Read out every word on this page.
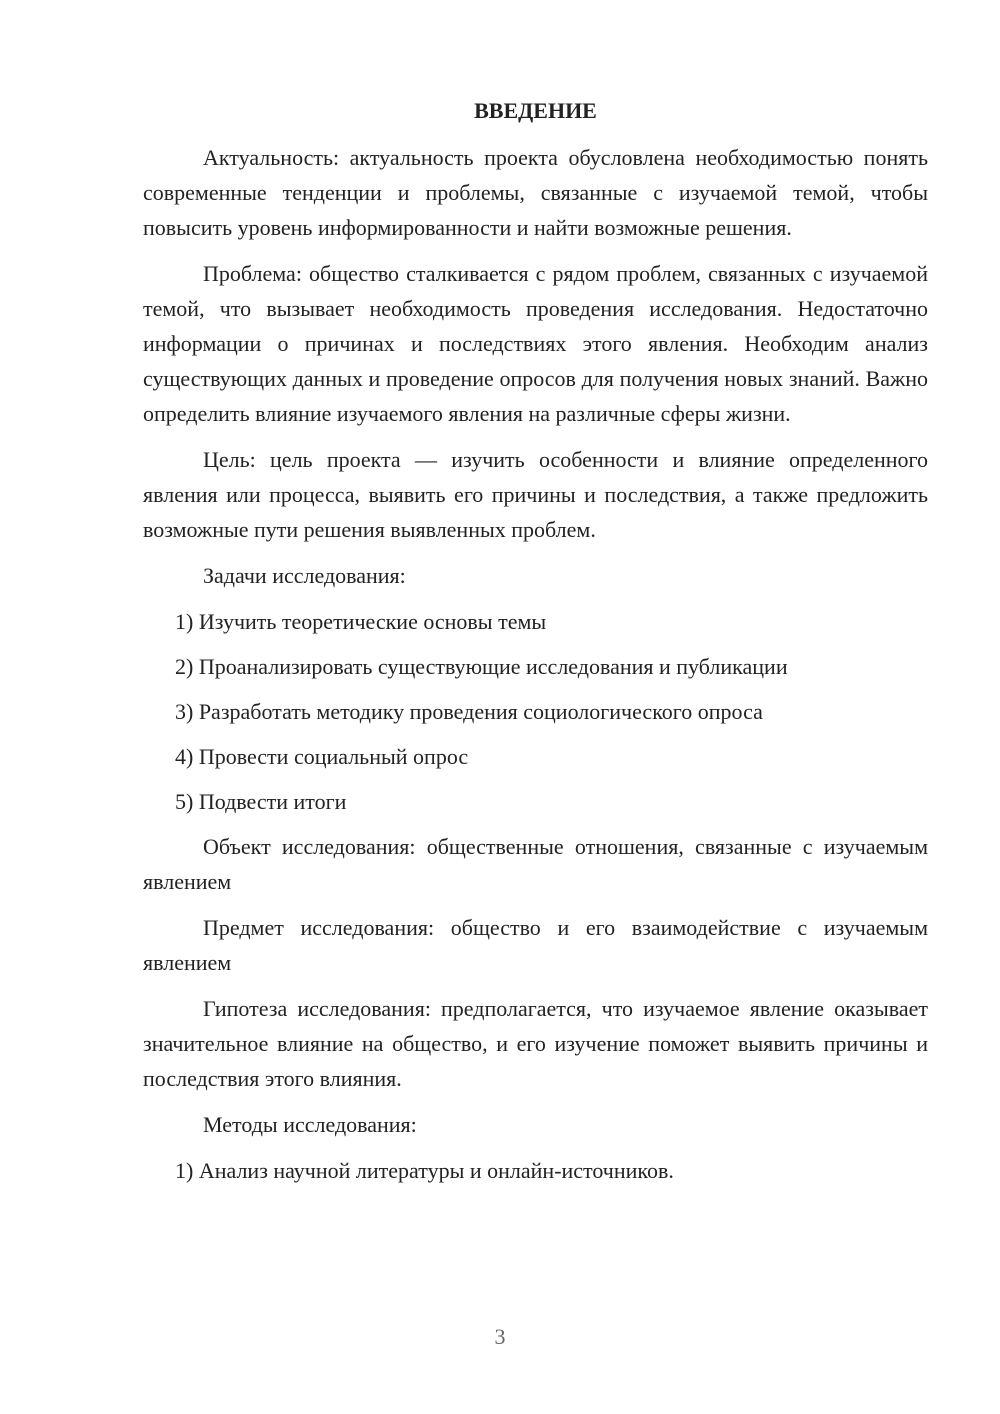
ВВЕДЕНИЕ
Актуальность: актуальность проекта обусловлена необходимостью понять современные тенденции и проблемы, связанные с изучаемой темой, чтобы повысить уровень информированности и найти возможные решения.
Проблема: общество сталкивается с рядом проблем, связанных с изучаемой темой, что вызывает необходимость проведения исследования. Недостаточно информации о причинах и последствиях этого явления. Необходим анализ существующих данных и проведение опросов для получения новых знаний. Важно определить влияние изучаемого явления на различные сферы жизни.
Цель: цель проекта — изучить особенности и влияние определенного явления или процесса, выявить его причины и последствия, а также предложить возможные пути решения выявленных проблем.
Задачи исследования:
1) Изучить теоретические основы темы
2) Проанализировать существующие исследования и публикации
3) Разработать методику проведения социологического опроса
4) Провести социальный опрос
5) Подвести итоги
Объект исследования: общественные отношения, связанные с изучаемым явлением
Предмет исследования: общество и его взаимодействие с изучаемым явлением
Гипотеза исследования: предполагается, что изучаемое явление оказывает значительное влияние на общество, и его изучение поможет выявить причины и последствия этого влияния.
Методы исследования:
1) Анализ научной литературы и онлайн-источников.
3
